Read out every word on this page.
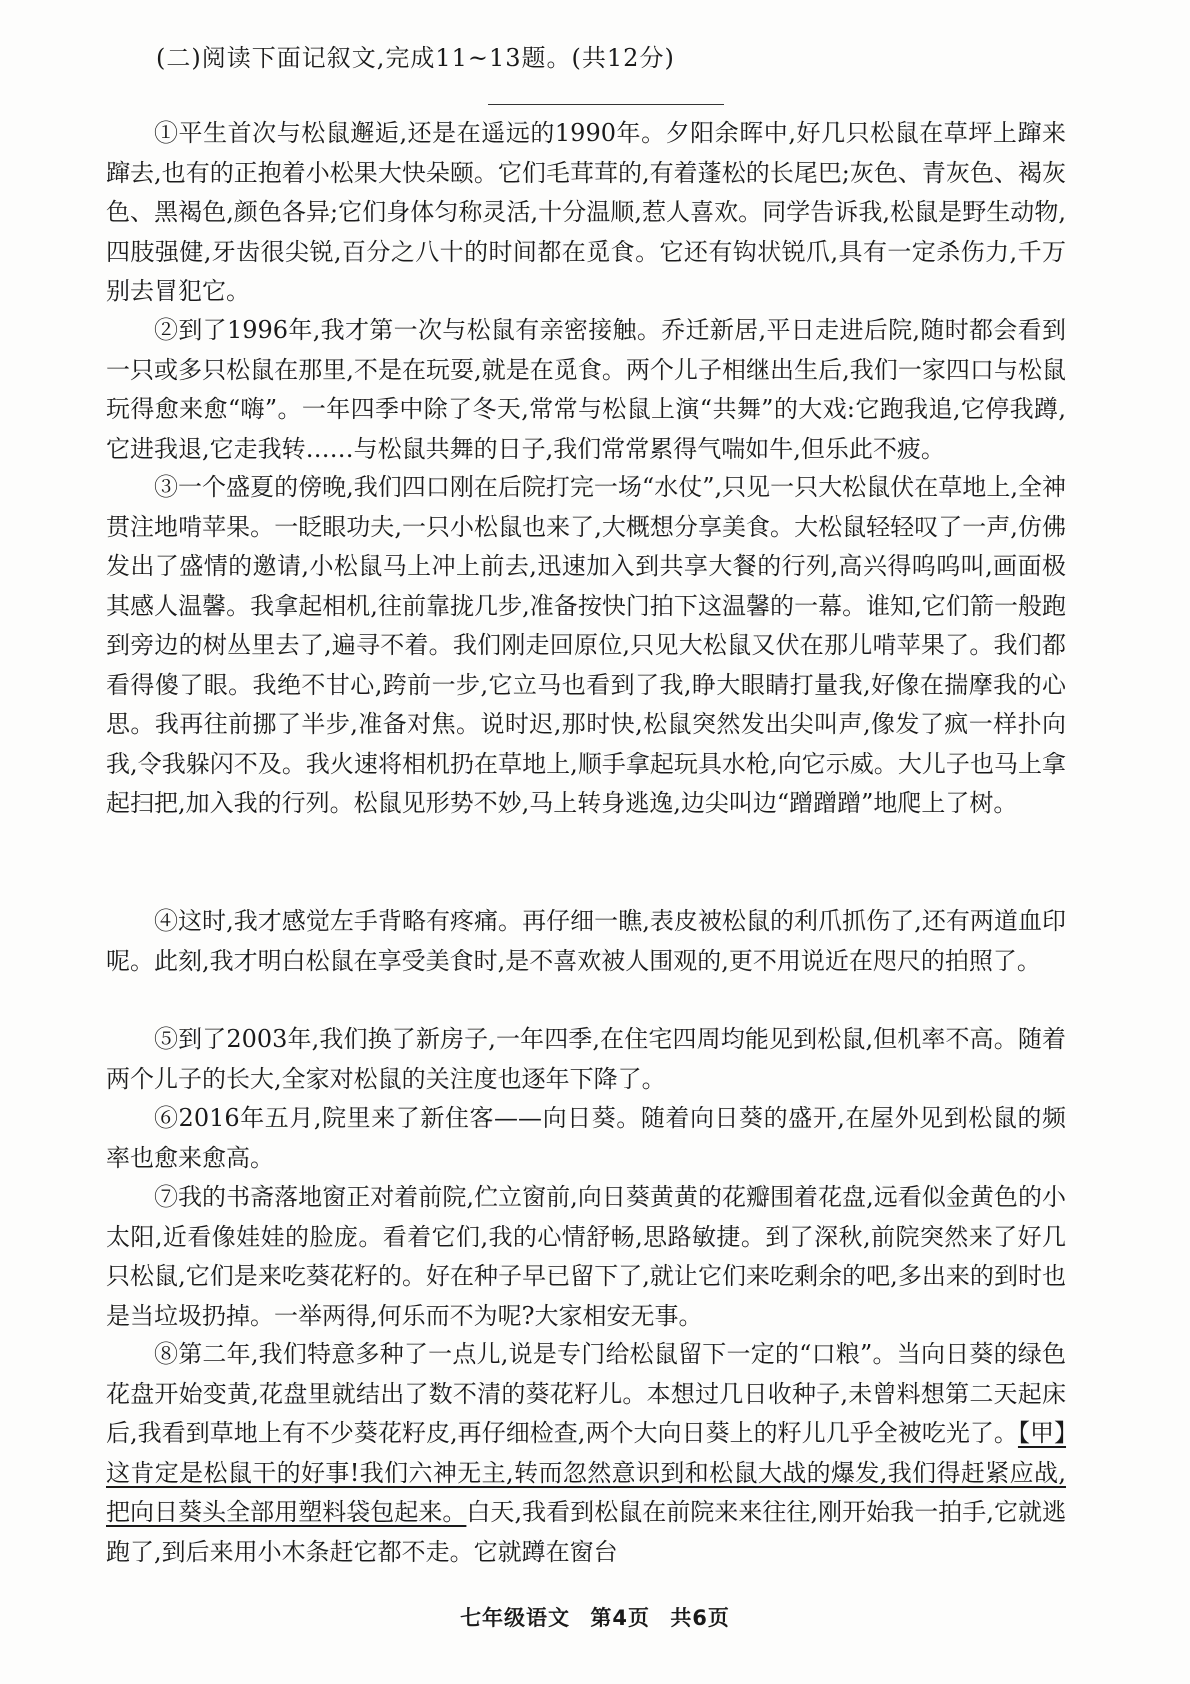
(二)阅读下面记叙文,完成11~13题。(共12分)

①平生首次与松鼠邂逅,还是在遥远的1990年。夕阳余晖中,好几只松鼠在草坪上蹿来蹿去,也有的正抱着小松果大快朵颐。它们毛茸茸的,有着蓬松的长尾巴;灰色、青灰色、褐灰色、黑褐色,颜色各异;它们身体匀称灵活,十分温顺,惹人喜欢。同学告诉我,松鼠是野生动物,四肢强健,牙齿很尖锐,百分之八十的时间都在觅食。它还有钩状锐爪,具有一定杀伤力,千万别去冒犯它。

②到了1996年,我才第一次与松鼠有亲密接触。乔迁新居,平日走进后院,随时都会看到一只或多只松鼠在那里,不是在玩耍,就是在觅食。两个儿子相继出生后,我们一家四口与松鼠玩得愈来愈“嗨”。一年四季中除了冬天,常常与松鼠上演“共舞”的大戏:它跑我追,它停我蹲,它进我退,它走我转……与松鼠共舞的日子,我们常常累得气喘如牛,但乐此不疲。

③一个盛夏的傍晚,我们四口刚在后院打完一场“水仗”,只见一只大松鼠伏在草地上,全神贯注地啃苹果。一眨眼功夫,一只小松鼠也来了,大概想分享美食。大松鼠轻轻叹了一声,仿佛发出了盛情的邀请,小松鼠马上冲上前去,迅速加入到共享大餐的行列,高兴得呜呜叫,画面极其感人温馨。我拿起相机,往前靠拢几步,准备按快门拍下这温馨的一幕。谁知,它们箭一般跑到旁边的树丛里去了,遍寻不着。我们刚走回原位,只见大松鼠又伏在那儿啃苹果了。我们都看得傻了眼。我绝不甘心,跨前一步,它立马也看到了我,睁大眼睛打量我,好像在揣摩我的心思。我再往前挪了半步,准备对焦。说时迟,那时快,松鼠突然发出尖叫声,像发了疯一样扑向我,令我躲闪不及。我火速将相机扔在草地上,顺手拿起玩具水枪,向它示威。大儿子也马上拿起扫把,加入我的行列。松鼠见形势不妙,马上转身逃逸,边尖叫边“蹭蹭蹭”地爬上了树。

④这时,我才感觉左手背略有疼痛。再仔细一瞧,表皮被松鼠的利爪抓伤了,还有两道血印呢。此刻,我才明白松鼠在享受美食时,是不喜欢被人围观的,更不用说近在咫尺的拍照了。

⑤到了2003年,我们换了新房子,一年四季,在住宅四周均能见到松鼠,但机率不高。随着两个儿子的长大,全家对松鼠的关注度也逐年下降了。

⑥2016年五月,院里来了新住客——向日葵。随着向日葵的盛开,在屋外见到松鼠的频率也愈来愈高。

⑦我的书斋落地窗正对着前院,伫立窗前,向日葵黄黄的花瓣围着花盘,远看似金黄色的小太阳,近看像娃娃的脸庞。看着它们,我的心情舒畅,思路敏捷。到了深秋,前院突然来了好几只松鼠,它们是来吃葵花籽的。好在种子早已留下了,就让它们来吃剩余的吧,多出来的到时也是当垃圾扔掉。一举两得,何乐而不为呢?大家相安无事。

⑧第二年,我们特意多种了一点儿,说是专门给松鼠留下一定的“口粮”。当向日葵的绿色花盘开始变黄,花盘里就结出了数不清的葵花籽儿。本想过几日收种子,未曾料想第二天起床后,我看到草地上有不少葵花籽皮,再仔细检查,两个大向日葵上的籽儿几乎全被吃光了。【甲】这肯定是松鼠干的好事!我们六神无主,转而忽然意识到和松鼠大战的爆发,我们得赶紧应战,把向日葵头全部用塑料袋包起来。白天,我看到松鼠在前院来来往往,刚开始我一拍手,它就逃跑了,到后来用小木条赶它都不走。它就蹲在窗台

七年级语文 第4页 共6页
